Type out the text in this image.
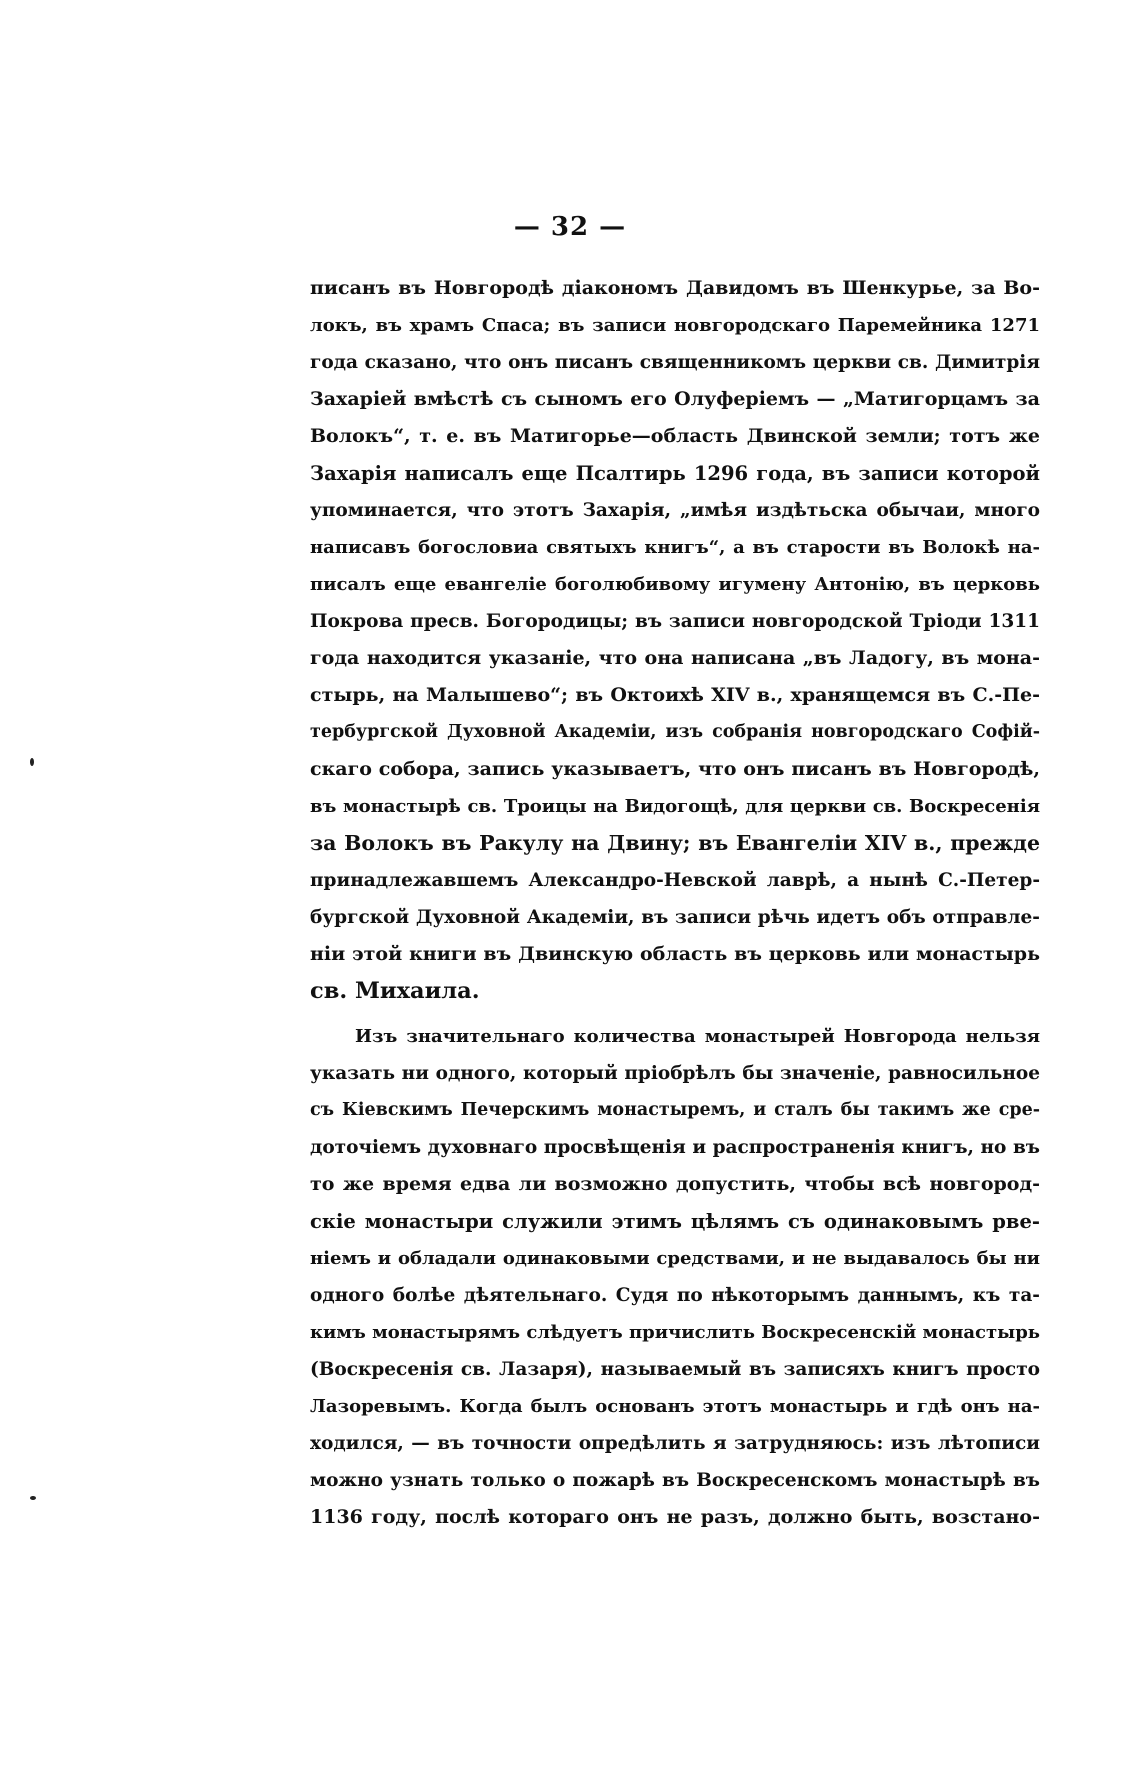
— 32 —
писанъ въ Новгородѣ діакономъ Давидомъ въ Шенкурье, за Во-
локъ, въ храмъ Спаса; въ записи новгородскаго Паремейника 1271
года сказано, что онъ писанъ священникомъ церкви св. Димитрія
Захаріей вмѣстѣ съ сыномъ его Олуферіемъ — „Матигорцамъ за
Волокъ“, т. е. въ Матигорье—область Двинской земли; тотъ же
Захарія написалъ еще Псалтирь 1296 года, въ записи которой
упоминается, что этотъ Захарія, „имѣя издѣтьска обычаи, много
написавъ богословиа святыхъ книгъ“, а въ старости въ Волокѣ на-
писалъ еще евангеліе боголюбивому игумену Антонію, въ церковь
Покрова пресв. Богородицы; въ записи новгородской Тріоди 1311
года находится указаніе, что она написана „въ Ладогу, въ мона-
стырь, на Малышево“; въ Октоихѣ XIV в., хранящемся въ С.-Пе-
тербургской Духовной Академіи, изъ собранія новгородскаго Софій-
скаго собора, запись указываетъ, что онъ писанъ въ Новгородѣ,
въ монастырѣ св. Троицы на Видогощѣ, для церкви св. Воскресенія
за Волокъ въ Ракулу на Двину; въ Евангеліи XIV в., прежде
принадлежавшемъ Александро-Невской лаврѣ, а нынѣ С.-Петер-
бургской Духовной Академіи, въ записи рѣчь идетъ объ отправле-
ніи этой книги въ Двинскую область въ церковь или монастырь
св. Михаила.
Изъ значительнаго количества монастырей Новгорода нельзя
указать ни одного, который пріобрѣлъ бы значеніе, равносильное
съ Кіевскимъ Печерскимъ монастыремъ, и сталъ бы такимъ же сре-
доточіемъ духовнаго просвѣщенія и распространенія книгъ, но въ
то же время едва ли возможно допустить, чтобы всѣ новгород-
скіе монастыри служили этимъ цѣлямъ съ одинаковымъ рве-
ніемъ и обладали одинаковыми средствами, и не выдавалось бы ни
одного болѣе дѣятельнаго. Судя по нѣкоторымъ даннымъ, къ та-
кимъ монастырямъ слѣдуетъ причислить Воскресенскій монастырь
(Воскресенія св. Лазаря), называемый въ записяхъ книгъ просто
Лазоревымъ. Когда былъ основанъ этотъ монастырь и гдѣ онъ на-
ходился, — въ точности опредѣлить я затрудняюсь: изъ лѣтописи
можно узнать только о пожарѣ въ Воскресенскомъ монастырѣ въ
1136 году, послѣ котораго онъ не разъ, должно быть, возстано-
